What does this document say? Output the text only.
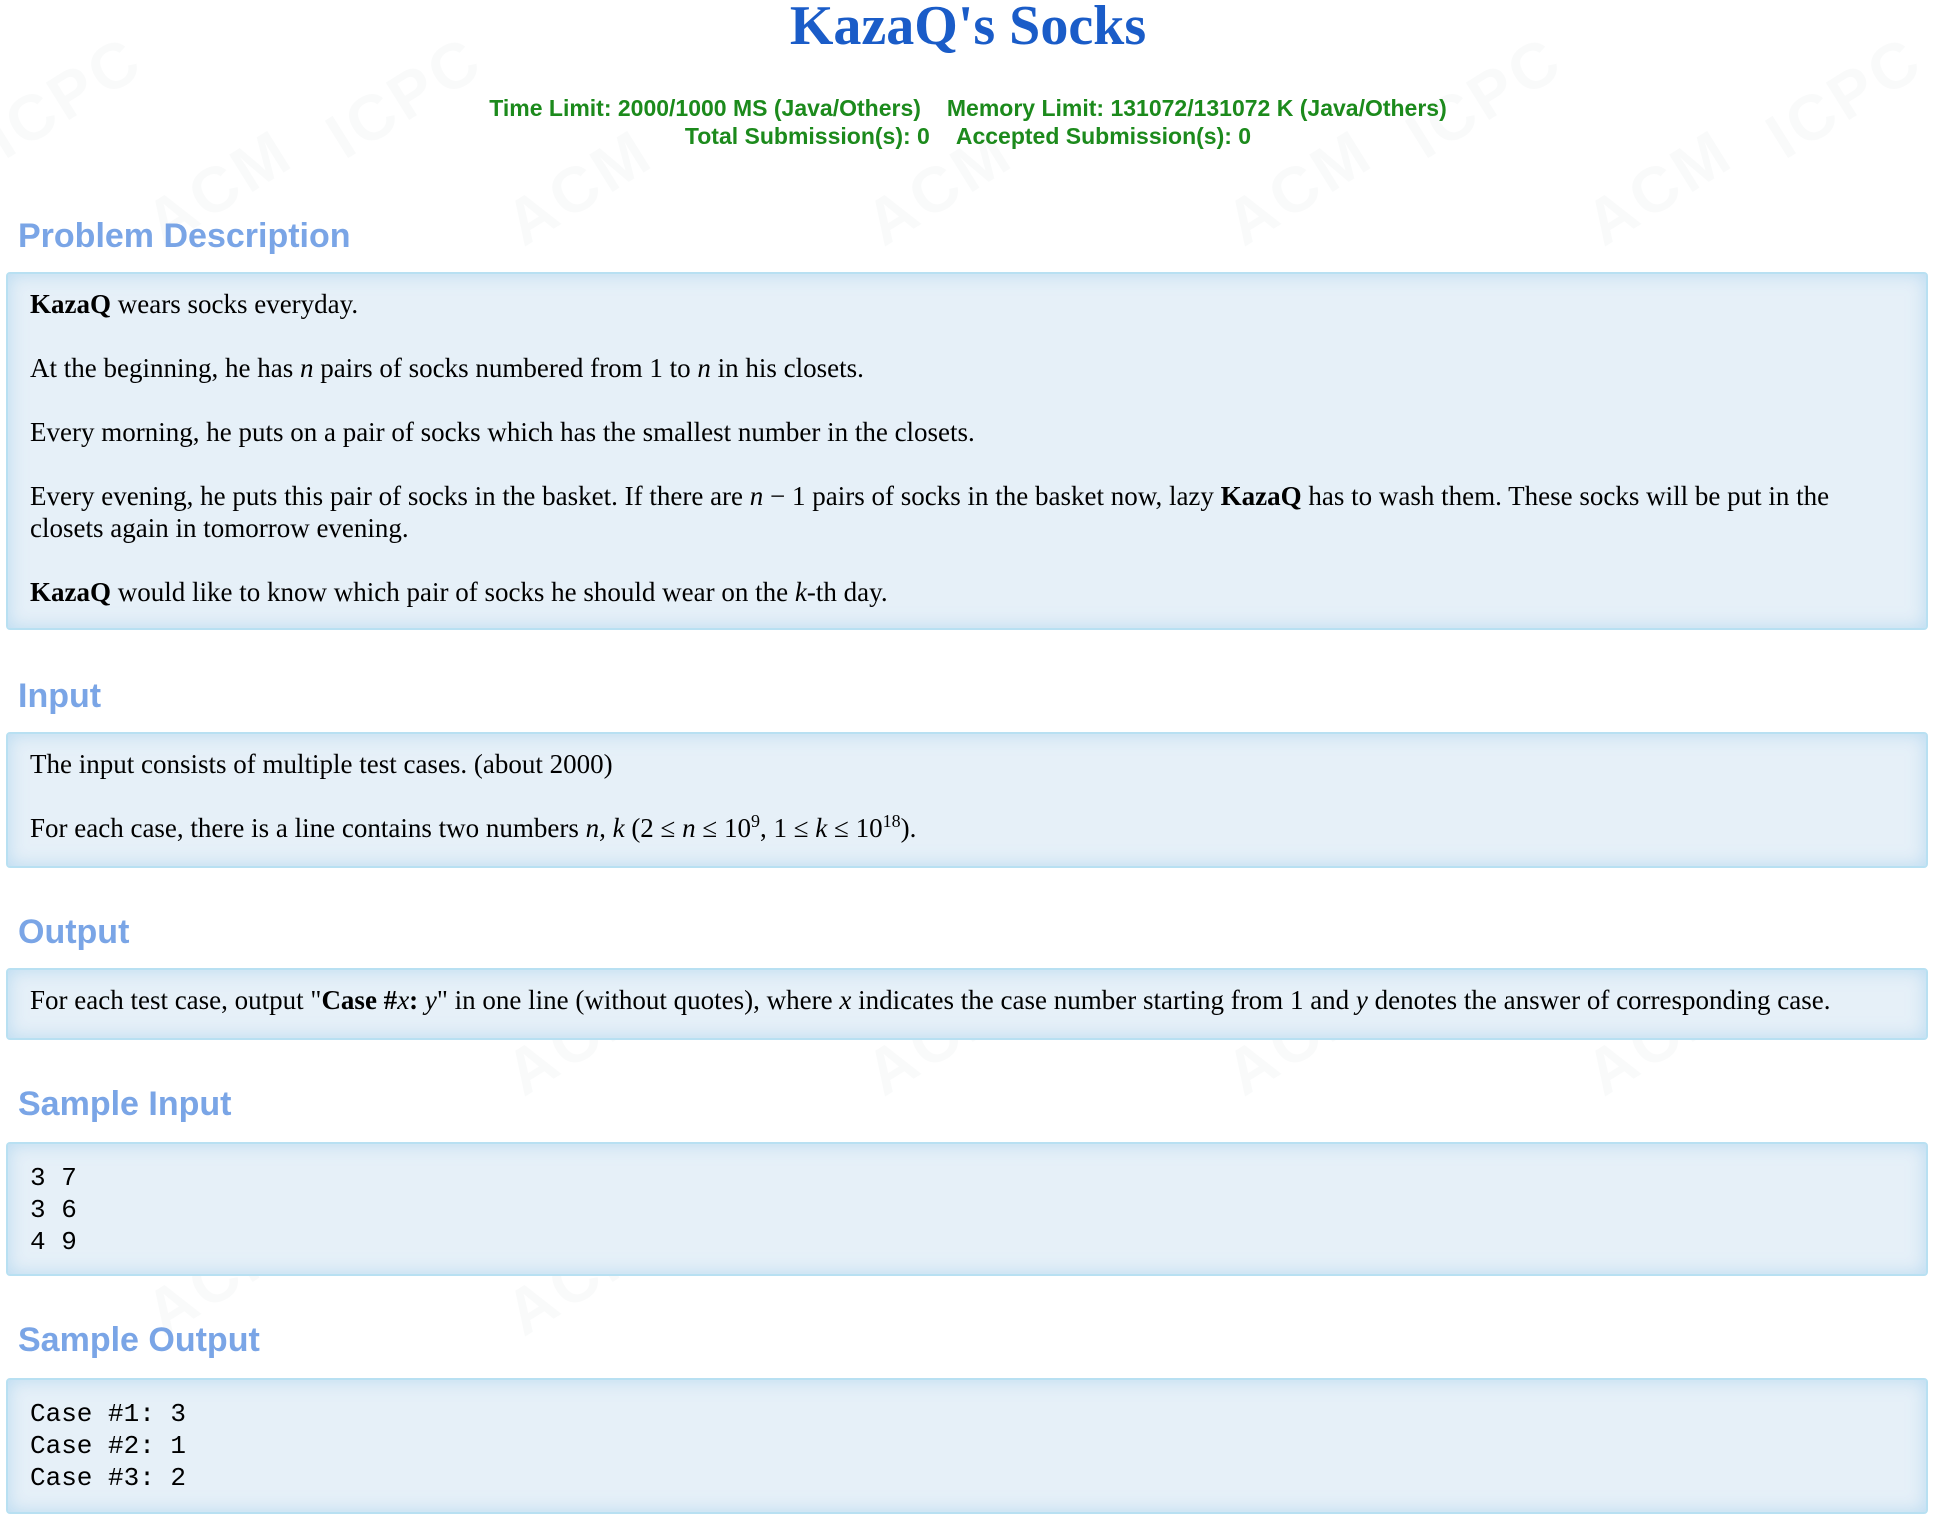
KazaQ's Socks
Time Limit: 2000/1000 MS (Java/Others) Memory Limit: 131072/131072 K (Java/Others)
Total Submission(s): 0 Accepted Submission(s): 0
Problem Description

KazaQ wears socks everyday.

At the beginning, he has n pairs of socks numbered from 1 to n in his closets.

Every morning, he puts on a pair of socks which has the smallest number in the closets.

Every evening, he puts this pair of socks in the basket. If there are n − 1 pairs of socks in the basket now, lazy KazaQ has to wash them. These socks will be put in the closets again in tomorrow evening.

KazaQ would like to know which pair of socks he should wear on the k-th day.

Input

The input consists of multiple test cases. (about 2000)

For each case, there is a line contains two numbers n, k ($2 \le n \le 10^9$, $1 \le k \le 10^{18}$).

Output

For each test case, output "Case #x: y" in one line (without quotes), where x indicates the case number starting from 1 and y denotes the answer of corresponding case.

Sample Input
3 7
3 6
4 9
Sample Output
Case #1: 3
Case #2: 1
Case #3: 2
